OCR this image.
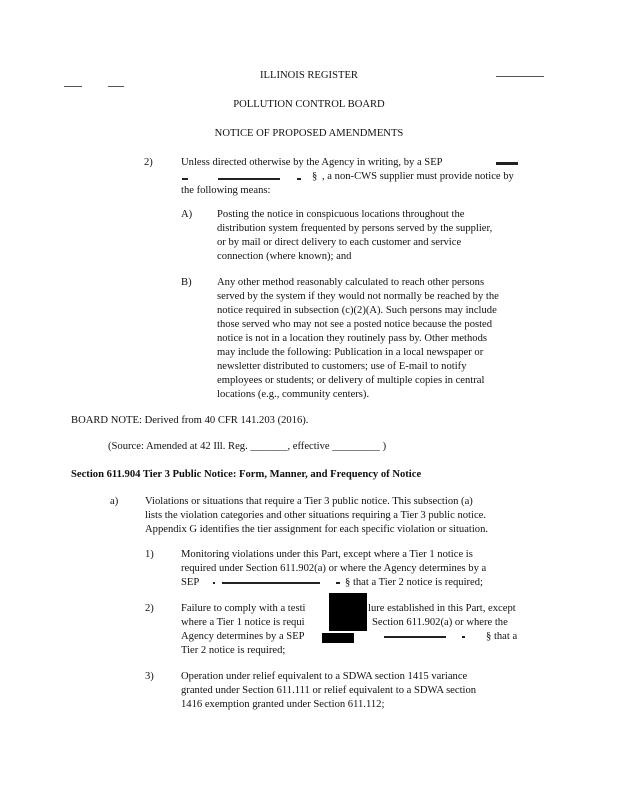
ILLINOIS REGISTER
POLLUTION CONTROL BOARD
NOTICE OF PROPOSED AMENDMENTS
2)	Unless directed otherwise by the Agency in writing, by a SEP
§ , a non-CWS supplier must provide notice by
the following means:
A) Posting the notice in conspicuous locations throughout the
distribution system frequented by persons served by the supplier,
or by mail or direct delivery to each customer and service
connection (where known); and
B) Any other method reasonably calculated to reach other persons
served by the system if they would not normally be reached by the
notice required in subsection (c)(2)(A). Such persons may include
those served who may not see a posted notice because the posted
notice is not in a location they routinely pass by. Other methods
may include the following: Publication in a local newspaper or
newsletter distributed to customers; use of E-mail to notify
employees or students; or delivery of multiple copies in central
locations (e.g., community centers).
BOARD NOTE: Derived from 40 CFR 141.203 (2016).
(Source: Amended at 42 Ill. Reg. _______, effective _________ )
Section 611.904 Tier 3 Public Notice: Form, Manner, and Frequency of Notice
a)	Violations or situations that require a Tier 3 public notice. This subsection (a)
lists the violation categories and other situations requiring a Tier 3 public notice.
Appendix G identifies the tier assignment for each specific violation or situation.
1)	Monitoring violations under this Part, except where a Tier 1 notice is
required under Section 611.902(a) or where the Agency determines by a
SEP	§ that a Tier 2 notice is required;
2)	Failure to comply with a testi	lure established in this Part, except
where a Tier 1 notice is requi	Section 611.902(a) or where the
Agency determines by a SEP	§ that a
Tier 2 notice is required;
3)	Operation under relief equivalent to a SDWA section 1415 variance
granted under Section 611.111 or relief equivalent to a SDWA section
1416 exemption granted under Section 611.112;
